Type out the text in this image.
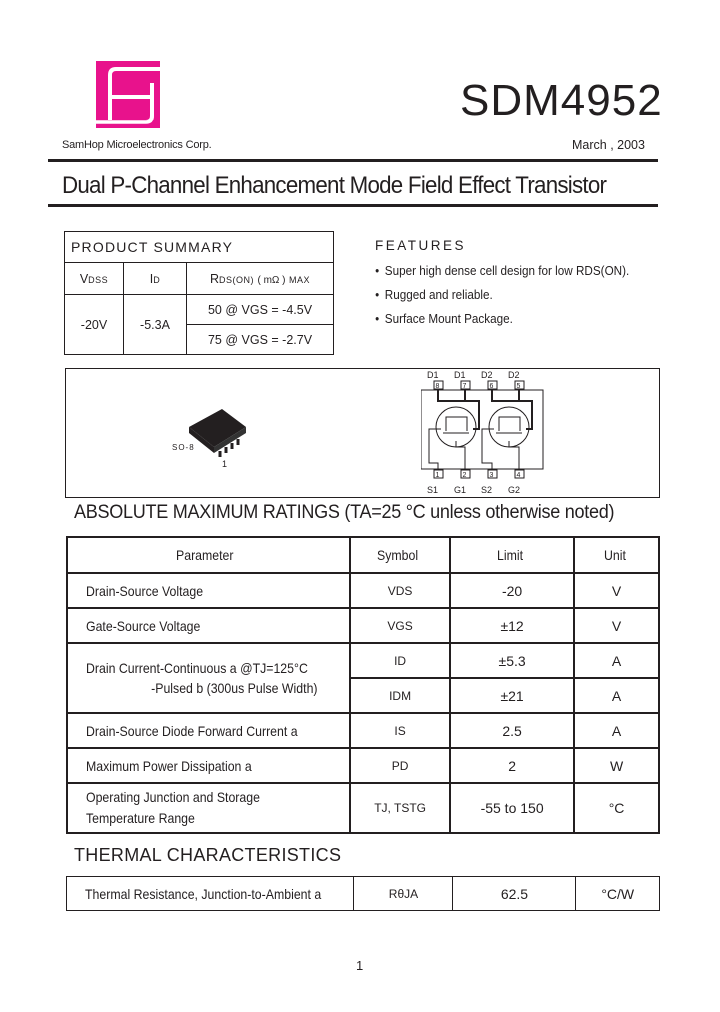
SamHop Microelectronics Corp.
SDM4952
March , 2003
Dual P-Channel Enhancement Mode Field Effect Transistor
PRODUCT SUMMARY		
VDSS	ID	RDS(ON) ( mΩ ) MAX
-20V	-5.3A	50 @ VGS = -4.5V
		75 @ VGS = -2.7V
FEATURES
● Super high dense cell design for low RDS(ON).
● Rugged and reliable.
● Surface Mount Package.
SO-8
1
D1 D1 D2 D2
S1 G1 S2 G2
8	7	6	5
1	2	3	4
ABSOLUTE MAXIMUM RATINGS (TA=25 °C unless otherwise noted)
Parameter	Symbol	Limit	Unit
Drain-Source Voltage	VDS	-20	V
Gate-Source Voltage	VGS	±12	V
Drain Current-Continuous a @TJ=125°C
-Pulsed b (300us Pulse Width)	ID	±5.3	A
	IDM	±21	A
Drain-Source Diode Forward Current a	IS	2.5	A
Maximum Power Dissipation a	PD	2	W
Operating Junction and Storage
Temperature Range	TJ, TSTG	-55 to 150	°C
THERMAL CHARACTERISTICS
Thermal Resistance, Junction-to-Ambient a	RθJA	62.5	°C/W
1
